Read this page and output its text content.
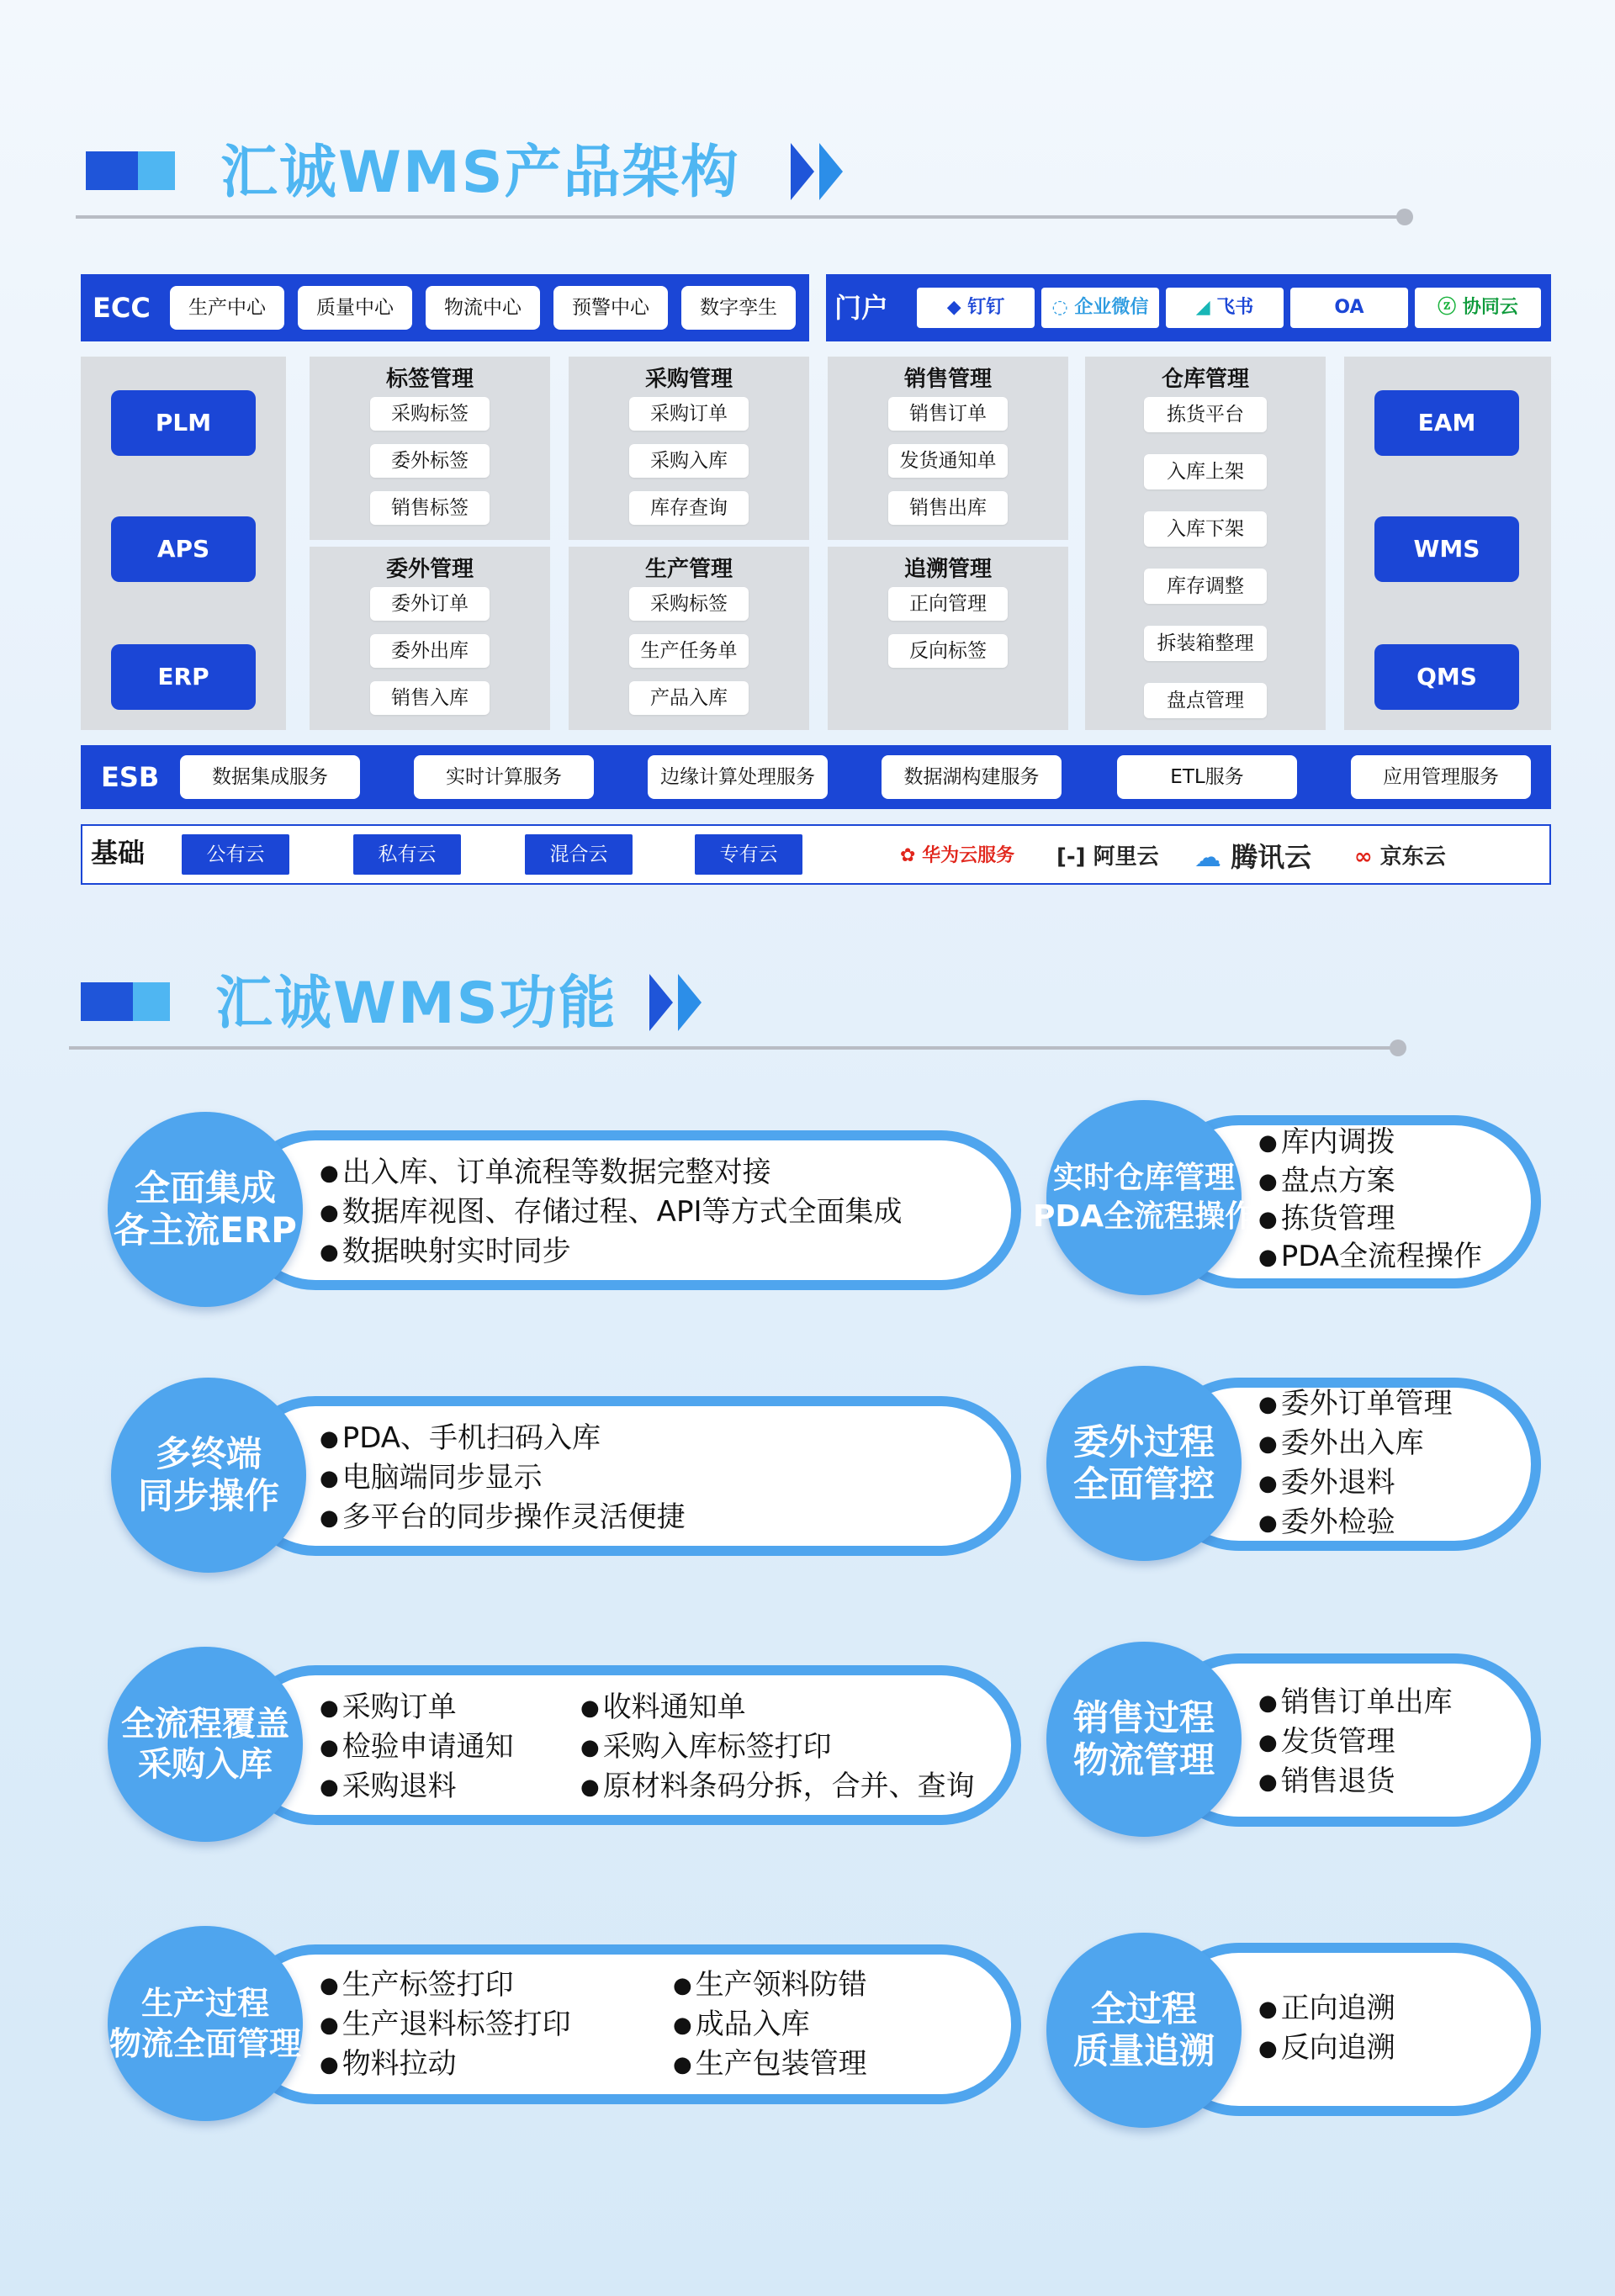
汇诚WMS产品架构
ECC	生产中心	质量中心	物流中心	预警中心	数字孪生	门户	◆ 钉钉	◌ 企业微信	◢ 飞书	OA	ⓩ 协同云
PLM
APS
ERP
标签管理
采购标签
委外标签
销售标签
采购管理
采购订单
采购入库
库存查询
销售管理
销售订单
发货通知单
销售出库
委外管理
委外订单
委外出库
销售入库
生产管理
采购标签
生产任务单
产品入库
追溯管理
正向管理
反向标签
仓库管理
拣货平台
入库上架
入库下架
库存调整
拆装箱整理
盘点管理
EAM
WMS
QMS
ESB	数据集成服务	实时计算服务	边缘计算处理服务	数据湖构建服务	ETL服务	应用管理服务
基础	公有云	私有云	混合云	专有云	✿ 华为云服务 [-] 阿里云 ☁ 腾讯云 ∞ 京东云
汇诚WMS功能
全面集成
各主流ERP
● 出入库、订单流程等数据完整对接
● 数据库视图、存储过程、API等方式全面集成
● 数据映射实时同步
实时仓库管理
PDA全流程操作
● 库内调拨
● 盘点方案
● 拣货管理
● PDA全流程操作
多终端
同步操作
● PDA、手机扫码入库
● 电脑端同步显示
● 多平台的同步操作灵活便捷
委外过程
全面管控
● 委外订单管理
● 委外出入库
● 委外退料
● 委外检验
全流程覆盖
采购入库
● 采购订单
● 检验申请通知
● 采购退料
● 收料通知单
● 采购入库标签打印
● 原材料条码分拆，合并、查询
销售过程
物流管理
● 销售订单出库
● 发货管理
● 销售退货
生产过程
物流全面管理
● 生产标签打印
● 生产退料标签打印
● 物料拉动
● 生产领料防错
● 成品入库
● 生产包装管理
全过程
质量追溯
● 正向追溯
● 反向追溯
